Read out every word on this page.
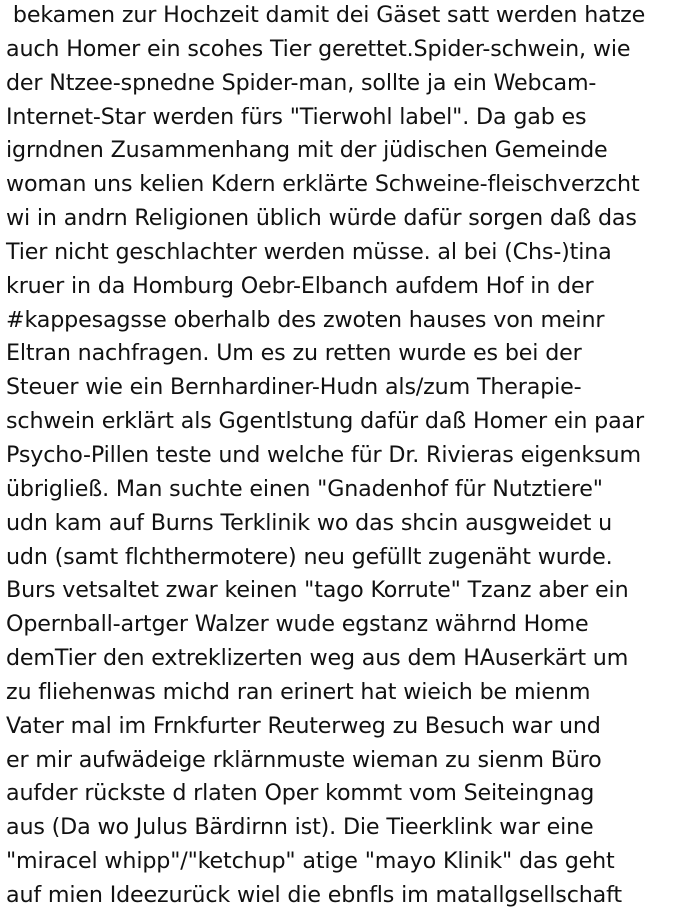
bekamen zur Hochzeit damit dei Gäset satt werden hatze
auch Homer ein scohes Tier gerettet.Spider-schwein, wie
der Ntzee-spnedne Spider-man, sollte ja ein Webcam-
Internet-Star werden fürs "Tierwohl label". Da gab es
igrndnen Zusammenhang mit der jüdischen Gemeinde
woman uns kelien Kdern erklärte Schweine-fleischverzcht
wi in andrn Religionen üblich würde dafür sorgen daß das
Tier nicht geschlachter werden müsse. al bei (Chs-)tina
kruer in da Homburg Oebr-Elbanch aufdem Hof in der
#kappesagsse oberhalb des zwoten hauses von meinr
Eltran nachfragen. Um es zu retten wurde es bei der
Steuer wie ein Bernhardiner-Hudn als/zum Therapie-
schwein erklärt als Ggentlstung dafür daß Homer ein paar
Psycho-Pillen teste und welche für Dr. Rivieras eigenksum
übrigließ. Man suchte einen "Gnadenhof für Nutztiere"
udn kam auf Burns Terklinik wo das shcin ausgweidet u
udn (samt flchthermotere) neu gefüllt zugenäht wurde.
Burs vetsaltet zwar keinen "tago Korrute" Tzanz aber ein
Opernball-artger Walzer wude egstanz währnd Home
demTier den extreklizerten weg aus dem HAuserkärt um
zu fliehenwas michd ran erinert hat wieich be mienm
Vater mal im Frnkfurter Reuterweg zu Besuch war und
er mir aufwädeige rklärnmuste wieman zu sienm Büro
aufder rückste d rlaten Oper kommt vom Seiteingnag
aus (Da wo Julus Bärdirnn ist). Die Tieerklink war eine
"miracel whipp"/"ketchup" atige "mayo Klinik" das geht
auf mien Ideezurück wiel die ebnfls im matallgsellschaft
